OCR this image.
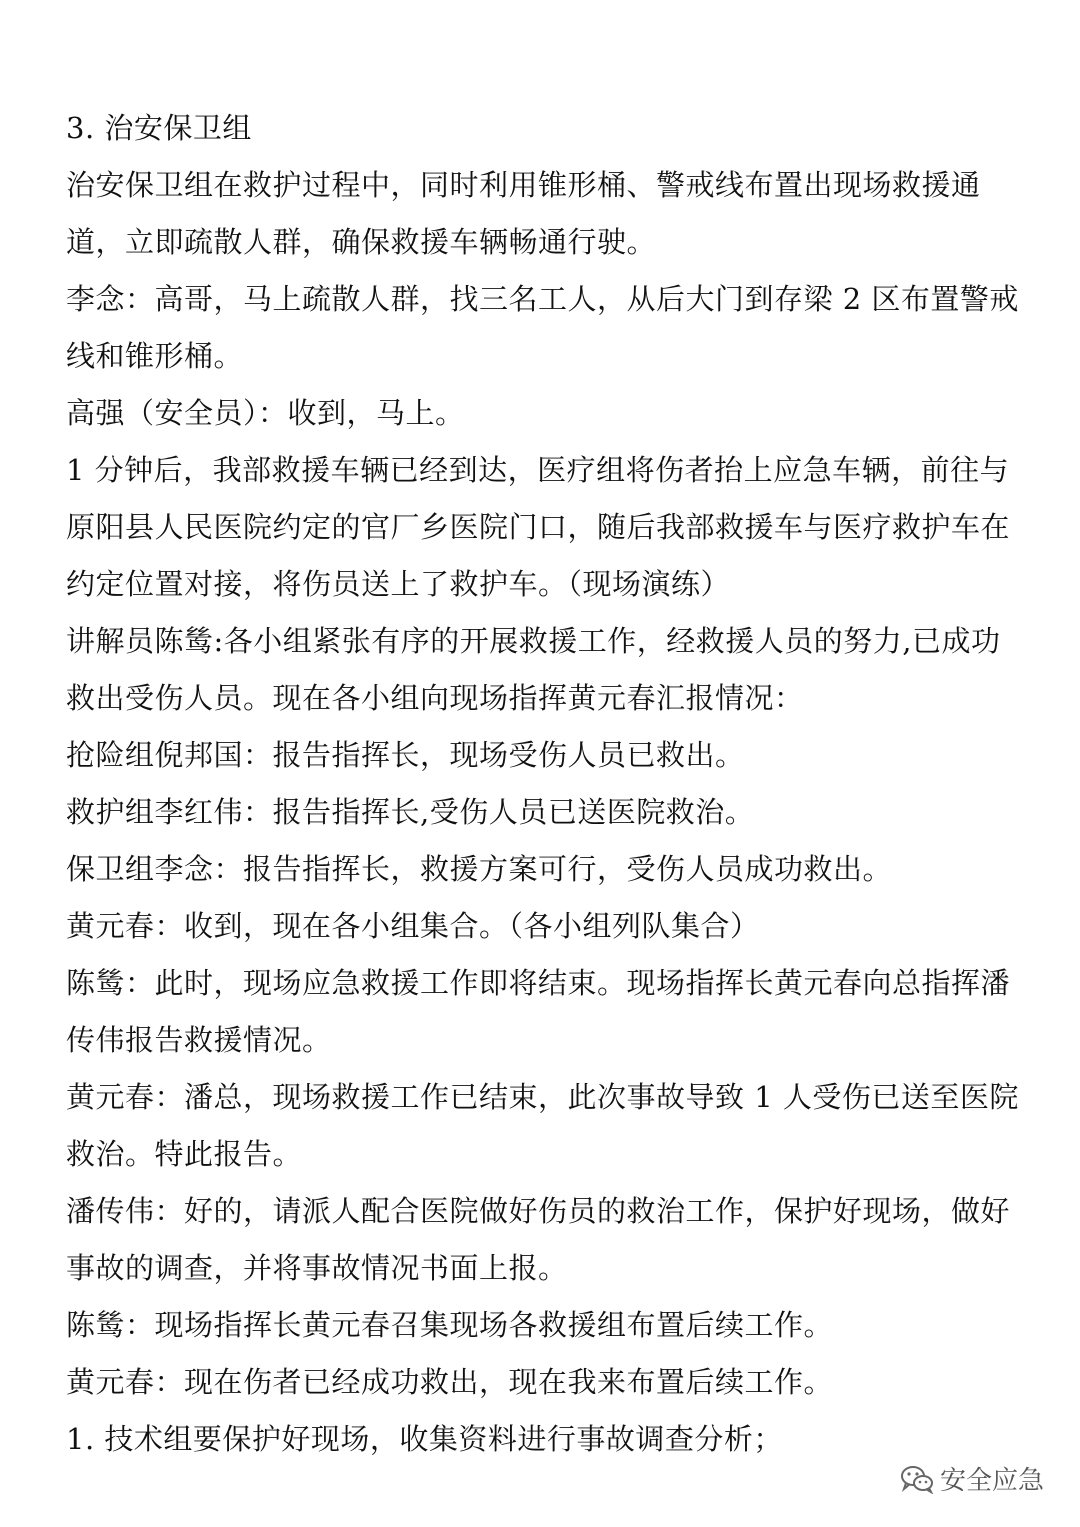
3. 治安保卫组
治安保卫组在救护过程中，同时利用锥形桶、警戒线布置出现场救援通
道，立即疏散人群，确保救援车辆畅通行驶。
李念：高哥，马上疏散人群，找三名工人，从后大门到存梁 2 区布置警戒
线和锥形桶。
高强（安全员）：收到，马上。
1 分钟后，我部救援车辆已经到达，医疗组将伤者抬上应急车辆，前往与
原阳县人民医院约定的官厂乡医院门口，随后我部救援车与医疗救护车在
约定位置对接，将伤员送上了救护车。（现场演练）
讲解员陈鸶:各小组紧张有序的开展救援工作，经救援人员的努力,已成功
救出受伤人员。现在各小组向现场指挥黄元春汇报情况：
抢险组倪邦国：报告指挥长，现场受伤人员已救出。
救护组李红伟：报告指挥长,受伤人员已送医院救治。
保卫组李念：报告指挥长，救援方案可行，受伤人员成功救出。
黄元春：收到，现在各小组集合。（各小组列队集合）
陈鸶：此时，现场应急救援工作即将结束。现场指挥长黄元春向总指挥潘
传伟报告救援情况。
黄元春：潘总，现场救援工作已结束，此次事故导致 1 人受伤已送至医院
救治。特此报告。
潘传伟：好的，请派人配合医院做好伤员的救治工作，保护好现场，做好
事故的调查，并将事故情况书面上报。
陈鸶：现场指挥长黄元春召集现场各救援组布置后续工作。
黄元春：现在伤者已经成功救出，现在我来布置后续工作。
1. 技术组要保护好现场，收集资料进行事故调查分析；
安全应急
